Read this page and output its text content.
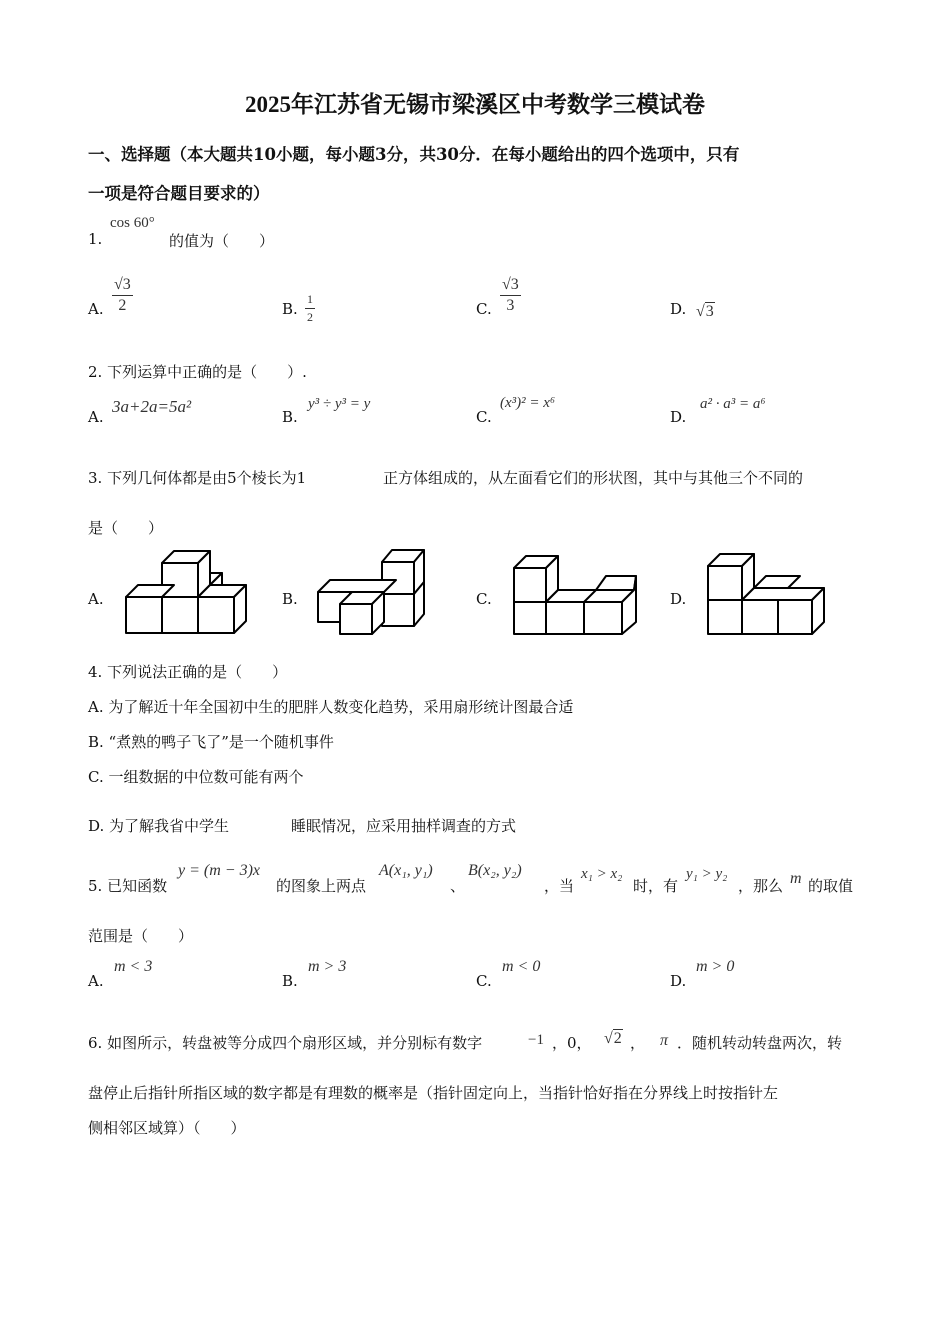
2025年江苏省无锡市梁溪区中考数学三模试卷
一、选择题（本大题共10小题，每小题3分，共30分．在每小题给出的四个选项中，只有
一项是符合题目要求的）
1.
cos 60°
的值为（　　）
A. $\frac{√3}{2}$	B. $\frac{1}{2}$	C. $\frac{√3}{3}$	D. √3
2. 下列运算中正确的是（　　）.
A.
3a+2a=5a²
B.
y³ ÷ y³ = y
C.
(x³)² = x⁶
D.
a² · a³ = a⁶
3. 下列几何体都是由5个棱长为1	正方体组成的，从左面看它们的形状图，其中与其他三个不同的
是（　　）
A.	B.	C.	D.
4. 下列说法正确的是（　　）
A. 为了解近十年全国初中生的肥胖人数变化趋势，采用扇形统计图最合适
B. “煮熟的鸭子飞了”是一个随机事件
C. 一组数据的中位数可能有两个
D. 为了解我省中学生	睡眠情况，应采用抽样调查的方式
5. 已知函数
y = (m − 3)x
的图象上两点
A(x₁, y₁)
、
B(x₂, y₂)
，当
x₁ > x₂
时，有
y₁ > y₂
，那么 m 的取值
范围是（　　）
A.
m < 3
B.
m > 3
C.
m < 0
D.
m > 0
6. 如图所示，转盘被等分成四个扇形区域，并分别标有数字	−1 ，0， √2 ， π ．随机转动转盘两次，转
盘停止后指针所指区域的数字都是有理数的概率是（指针固定向上，当指针恰好指在分界线上时按指针左
侧相邻区域算）（　　）
